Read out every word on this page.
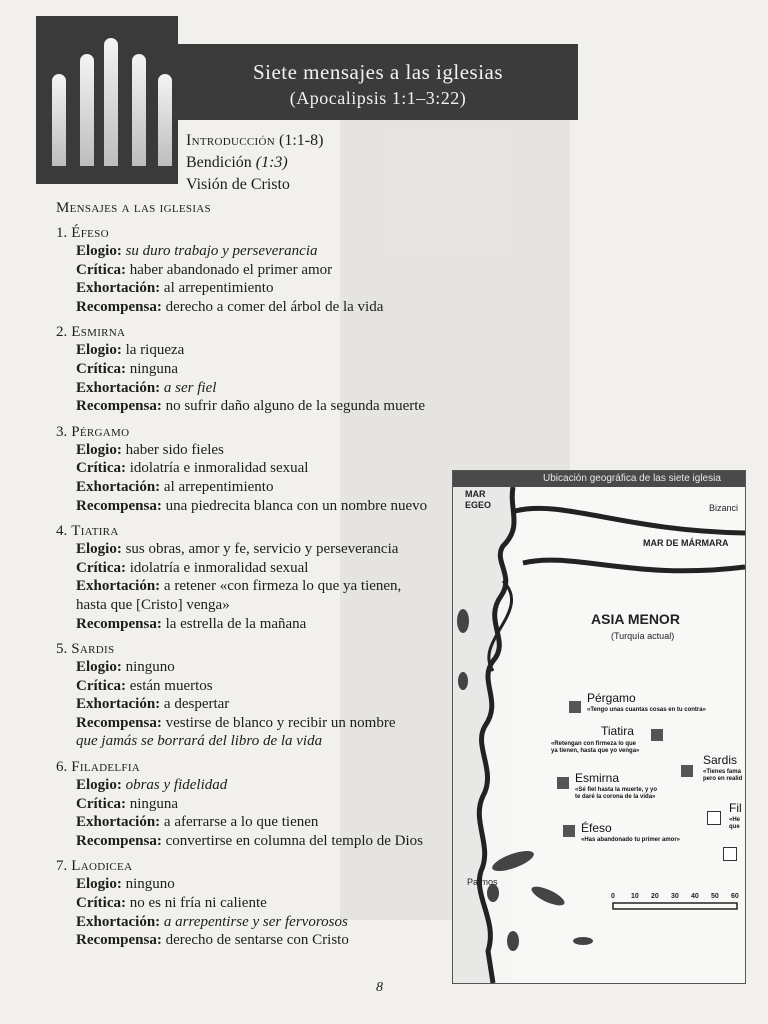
Siete mensajes a las iglesias
(Apocalipsis 1:1–3:22)
Introducción (1:1-8)
Bendición (1:3)
Visión de Cristo
Mensajes a las iglesias
1. Éfeso
Elogio: su duro trabajo y perseverancia
Crítica: haber abandonado el primer amor
Exhortación: al arrepentimiento
Recompensa: derecho a comer del árbol de la vida
2. Esmirna
Elogio: la riqueza
Crítica: ninguna
Exhortación: a ser fiel
Recompensa: no sufrir daño alguno de la segunda muerte
3. Pérgamo
Elogio: haber sido fieles
Crítica: idolatría e inmoralidad sexual
Exhortación: al arrepentimiento
Recompensa: una piedrecita blanca con un nombre nuevo
4. Tiatira
Elogio: sus obras, amor y fe, servicio y perseverancia
Crítica: idolatría e inmoralidad sexual
Exhortación: a retener «con firmeza lo que ya tienen,
hasta que [Cristo] venga»
Recompensa: la estrella de la mañana
5. Sardis
Elogio: ninguno
Crítica: están muertos
Exhortación: a despertar
Recompensa: vestirse de blanco y recibir un nombre
que jamás se borrará del libro de la vida
6. Filadelfia
Elogio: obras y fidelidad
Crítica: ninguna
Exhortación: a aferrarse a lo que tienen
Recompensa: convertirse en columna del templo de Dios
7. Laodicea
Elogio: ninguno
Crítica: no es ni fría ni caliente
Exhortación: a arrepentirse y ser fervorosos
Recompensa: derecho de sentarse con Cristo
8
Ubicación geográfica de las siete iglesia
MAR
EGEO	Bizanci
MAR DE MÁRMARA
ASIA MENOR
(Turquía actual)
Patmos
Pérgamo
«Tengo unas cuantas cosas en tu contra»
Tiatira
«Retengan con firmeza lo que
ya tienen, hasta que yo venga»
Sardis
«Tienes fama
pero en realid
Esmirna
«Sé fiel hasta la muerte, y yo
te daré la corona de la vida»
Éfeso
«Has abandonado tu primer amor»
Fil
«He
que
0 10 20 30 40 50 60
